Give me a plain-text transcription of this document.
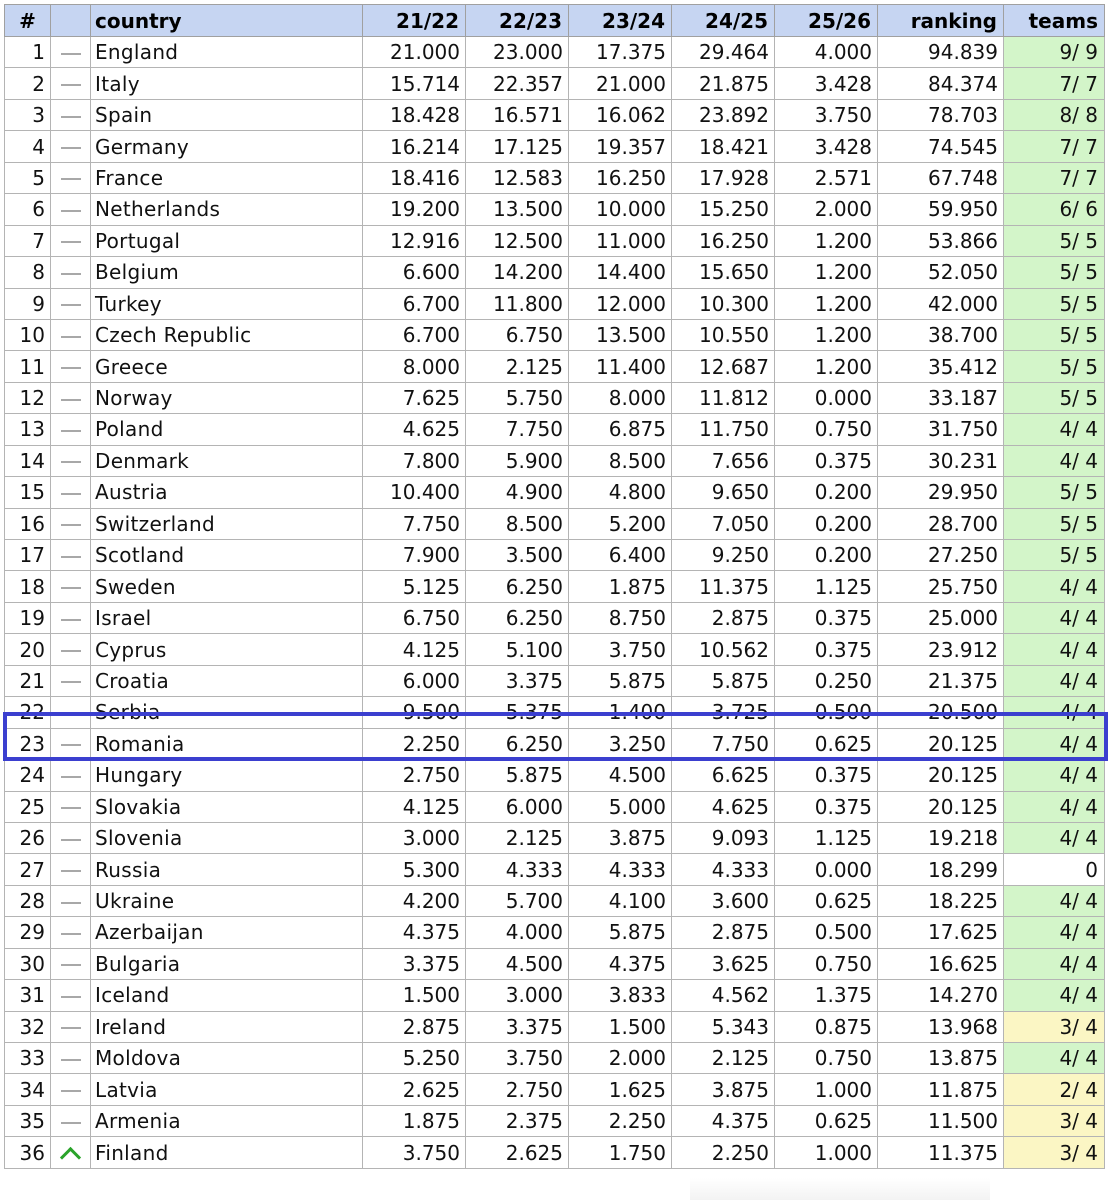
#		country	21/22	22/23	23/24	24/25	25/26	ranking	teams
1		England	21.000	23.000	17.375	29.464	4.000	94.839	9/ 9
2		Italy	15.714	22.357	21.000	21.875	3.428	84.374	7/ 7
3		Spain	18.428	16.571	16.062	23.892	3.750	78.703	8/ 8
4		Germany	16.214	17.125	19.357	18.421	3.428	74.545	7/ 7
5		France	18.416	12.583	16.250	17.928	2.571	67.748	7/ 7
6		Netherlands	19.200	13.500	10.000	15.250	2.000	59.950	6/ 6
7		Portugal	12.916	12.500	11.000	16.250	1.200	53.866	5/ 5
8		Belgium	6.600	14.200	14.400	15.650	1.200	52.050	5/ 5
9		Turkey	6.700	11.800	12.000	10.300	1.200	42.000	5/ 5
10		Czech Republic	6.700	6.750	13.500	10.550	1.200	38.700	5/ 5
11		Greece	8.000	2.125	11.400	12.687	1.200	35.412	5/ 5
12		Norway	7.625	5.750	8.000	11.812	0.000	33.187	5/ 5
13		Poland	4.625	7.750	6.875	11.750	0.750	31.750	4/ 4
14		Denmark	7.800	5.900	8.500	7.656	0.375	30.231	4/ 4
15		Austria	10.400	4.900	4.800	9.650	0.200	29.950	5/ 5
16		Switzerland	7.750	8.500	5.200	7.050	0.200	28.700	5/ 5
17		Scotland	7.900	3.500	6.400	9.250	0.200	27.250	5/ 5
18		Sweden	5.125	6.250	1.875	11.375	1.125	25.750	4/ 4
19		Israel	6.750	6.250	8.750	2.875	0.375	25.000	4/ 4
20		Cyprus	4.125	5.100	3.750	10.562	0.375	23.912	4/ 4
21		Croatia	6.000	3.375	5.875	5.875	0.250	21.375	4/ 4
22		Serbia	9.500	5.375	1.400	3.725	0.500	20.500	4/ 4
23		Romania	2.250	6.250	3.250	7.750	0.625	20.125	4/ 4
24		Hungary	2.750	5.875	4.500	6.625	0.375	20.125	4/ 4
25		Slovakia	4.125	6.000	5.000	4.625	0.375	20.125	4/ 4
26		Slovenia	3.000	2.125	3.875	9.093	1.125	19.218	4/ 4
27		Russia	5.300	4.333	4.333	4.333	0.000	18.299	0
28		Ukraine	4.200	5.700	4.100	3.600	0.625	18.225	4/ 4
29		Azerbaijan	4.375	4.000	5.875	2.875	0.500	17.625	4/ 4
30		Bulgaria	3.375	4.500	4.375	3.625	0.750	16.625	4/ 4
31		Iceland	1.500	3.000	3.833	4.562	1.375	14.270	4/ 4
32		Ireland	2.875	3.375	1.500	5.343	0.875	13.968	3/ 4
33		Moldova	5.250	3.750	2.000	2.125	0.750	13.875	4/ 4
34		Latvia	2.625	2.750	1.625	3.875	1.000	11.875	2/ 4
35		Armenia	1.875	2.375	2.250	4.375	0.625	11.500	3/ 4
36		Finland	3.750	2.625	1.750	2.250	1.000	11.375	3/ 4
